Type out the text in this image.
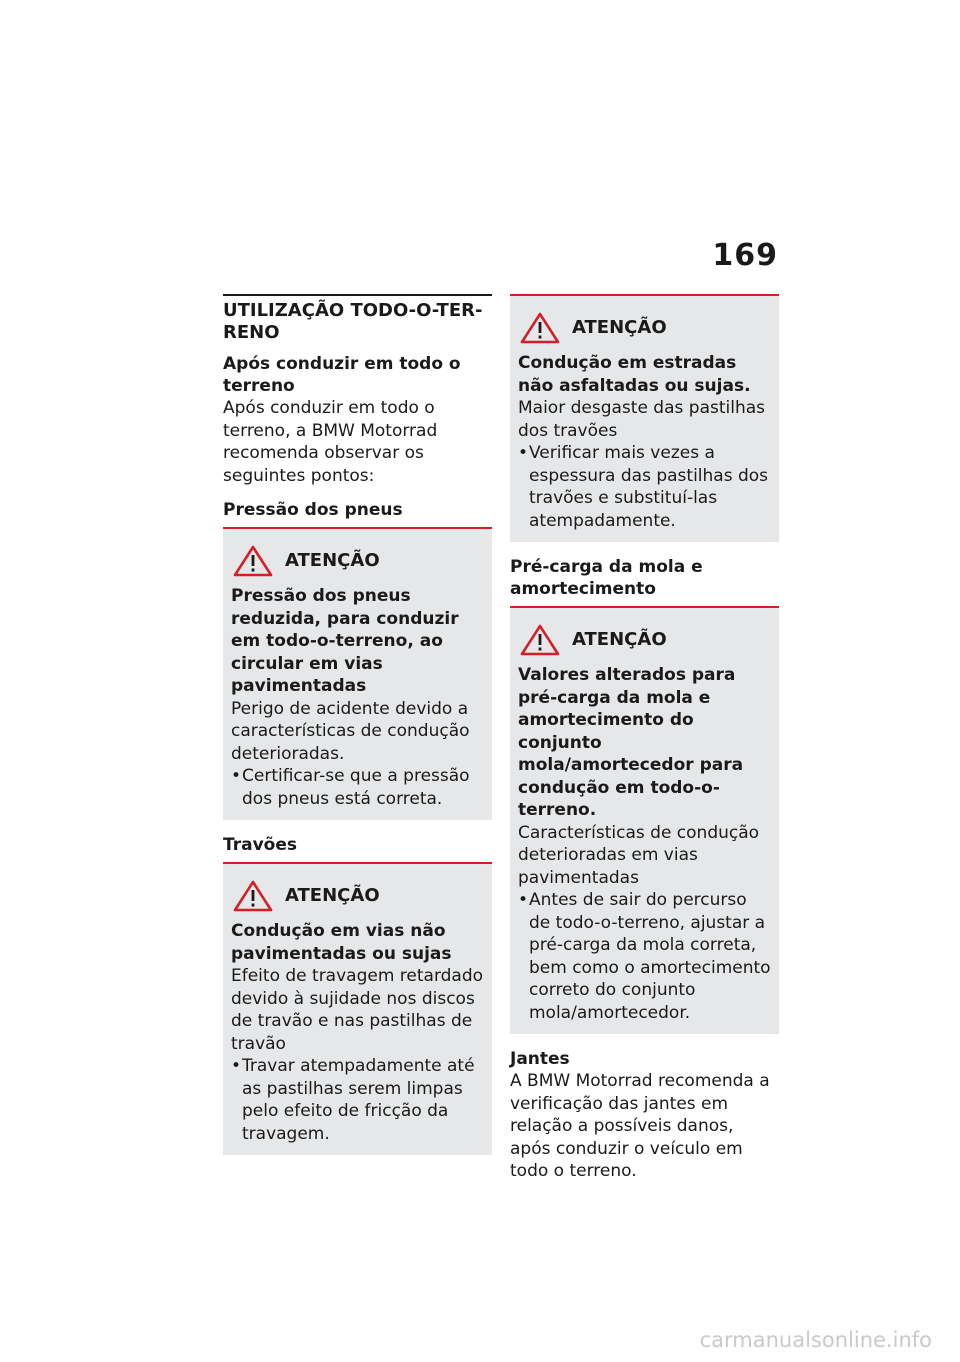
169
UTILIZAÇÃO TODO-O-TER-
RENO

Após conduzir em todo o terreno

Após conduzir em todo o terreno, a BMW Motorrad recomenda observar os seguintes pontos:

Pressão dos pneus

ATENÇÃO

Pressão dos pneus reduzida, para conduzir em todo-o-terreno, ao circular em vias pavimentadas

Perigo de acidente devido a características de condução deterioradas.

• Certificar-se que a pressão dos pneus está correta.

Travões

ATENÇÃO

Condução em vias não pavimentadas ou sujas

Efeito de travagem retardado devido à sujidade nos discos de travão e nas pastilhas de travão

• Travar atempadamente até as pastilhas serem limpas pelo efeito de fricção da travagem.
ATENÇÃO

Condução em estradas não asfaltadas ou sujas.

Maior desgaste das pastilhas dos travões

• Verificar mais vezes a espessura das pastilhas dos travões e substituí-las atempadamente.

Pré-carga da mola e amortecimento

ATENÇÃO

Valores alterados para pré-carga da mola e amortecimento do conjunto mola/amortecedor para condução em todo-o-terreno.

Características de condução deterioradas em vias pavimentadas

• Antes de sair do percurso de todo-o-terreno, ajustar a pré-carga da mola correta, bem como o amortecimento correto do conjunto mola/amortecedor.

Jantes

A BMW Motorrad recomenda a verificação das jantes em relação a possíveis danos, após conduzir o veículo em todo o terreno.

carmanualsonline.info
